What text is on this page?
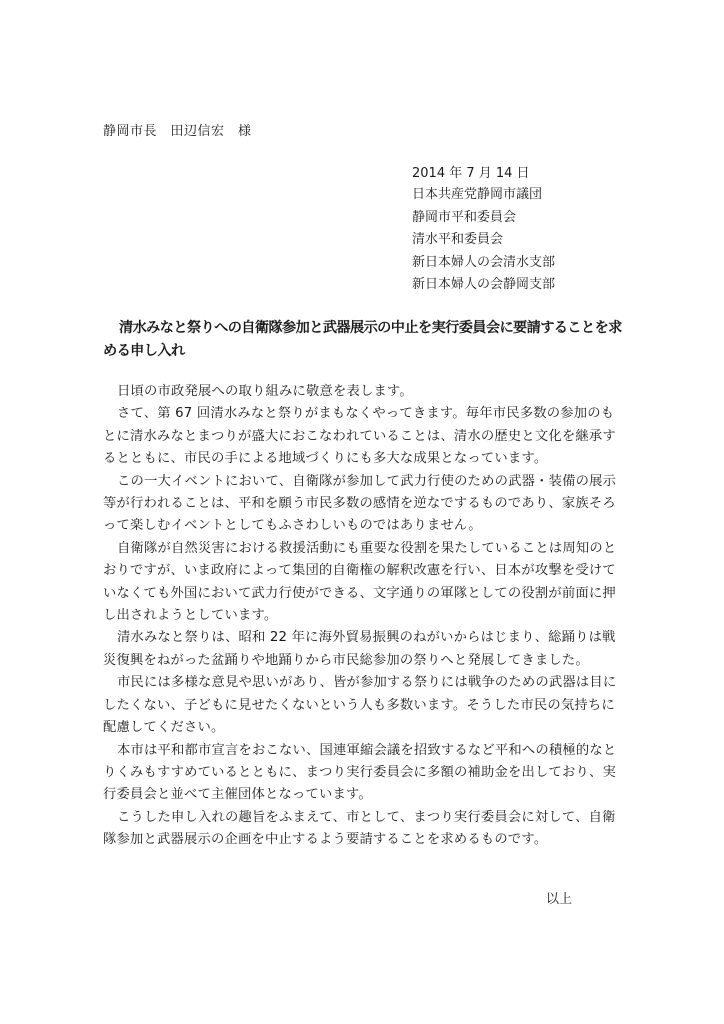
静岡市長　田辺信宏　様
2014 年 7 月 14 日
日本共産党静岡市議団
静岡市平和委員会
清水平和委員会
新日本婦人の会清水支部
新日本婦人の会静岡支部
清水みなと祭りへの自衛隊参加と武器展示の中止を実行委員会に要請することを求める申し入れ

日頃の市政発展への取り組みに敬意を表します。

さて、第 67 回清水みなと祭りがまもなくやってきます。毎年市民多数の参加のもとに清水みなとまつりが盛大におこなわれていることは、清水の歴史と文化を継承するとともに、市民の手による地域づくりにも多大な成果となっています。

この一大イベントにおいて、自衛隊が参加して武力行使のための武器・装備の展示等が行われることは、平和を願う市民多数の感情を逆なでするものであり、家族そろって楽しむイベントとしてもふさわしいものではありません。

自衛隊が自然災害における救援活動にも重要な役割を果たしていることは周知のとおりですが、いま政府によって集団的自衛権の解釈改憲を行い、日本が攻撃を受けていなくても外国において武力行使ができる、文字通りの軍隊としての役割が前面に押し出されようとしています。

清水みなと祭りは、昭和 22 年に海外貿易振興のねがいからはじまり、総踊りは戦災復興をねがった盆踊りや地踊りから市民総参加の祭りへと発展してきました。

市民には多様な意見や思いがあり、皆が参加する祭りには戦争のための武器は目にしたくない、子どもに見せたくないという人も多数います。そうした市民の気持ちに配慮してください。

本市は平和都市宣言をおこない、国連軍縮会議を招致するなど平和への積極的なとりくみもすすめているとともに、まつり実行委員会に多額の補助金を出しており、実行委員会と並べて主催団体となっています。

こうした申し入れの趣旨をふまえて、市として、まつり実行委員会に対して、自衛隊参加と武器展示の企画を中止するよう要請することを求めるものです。

以上
